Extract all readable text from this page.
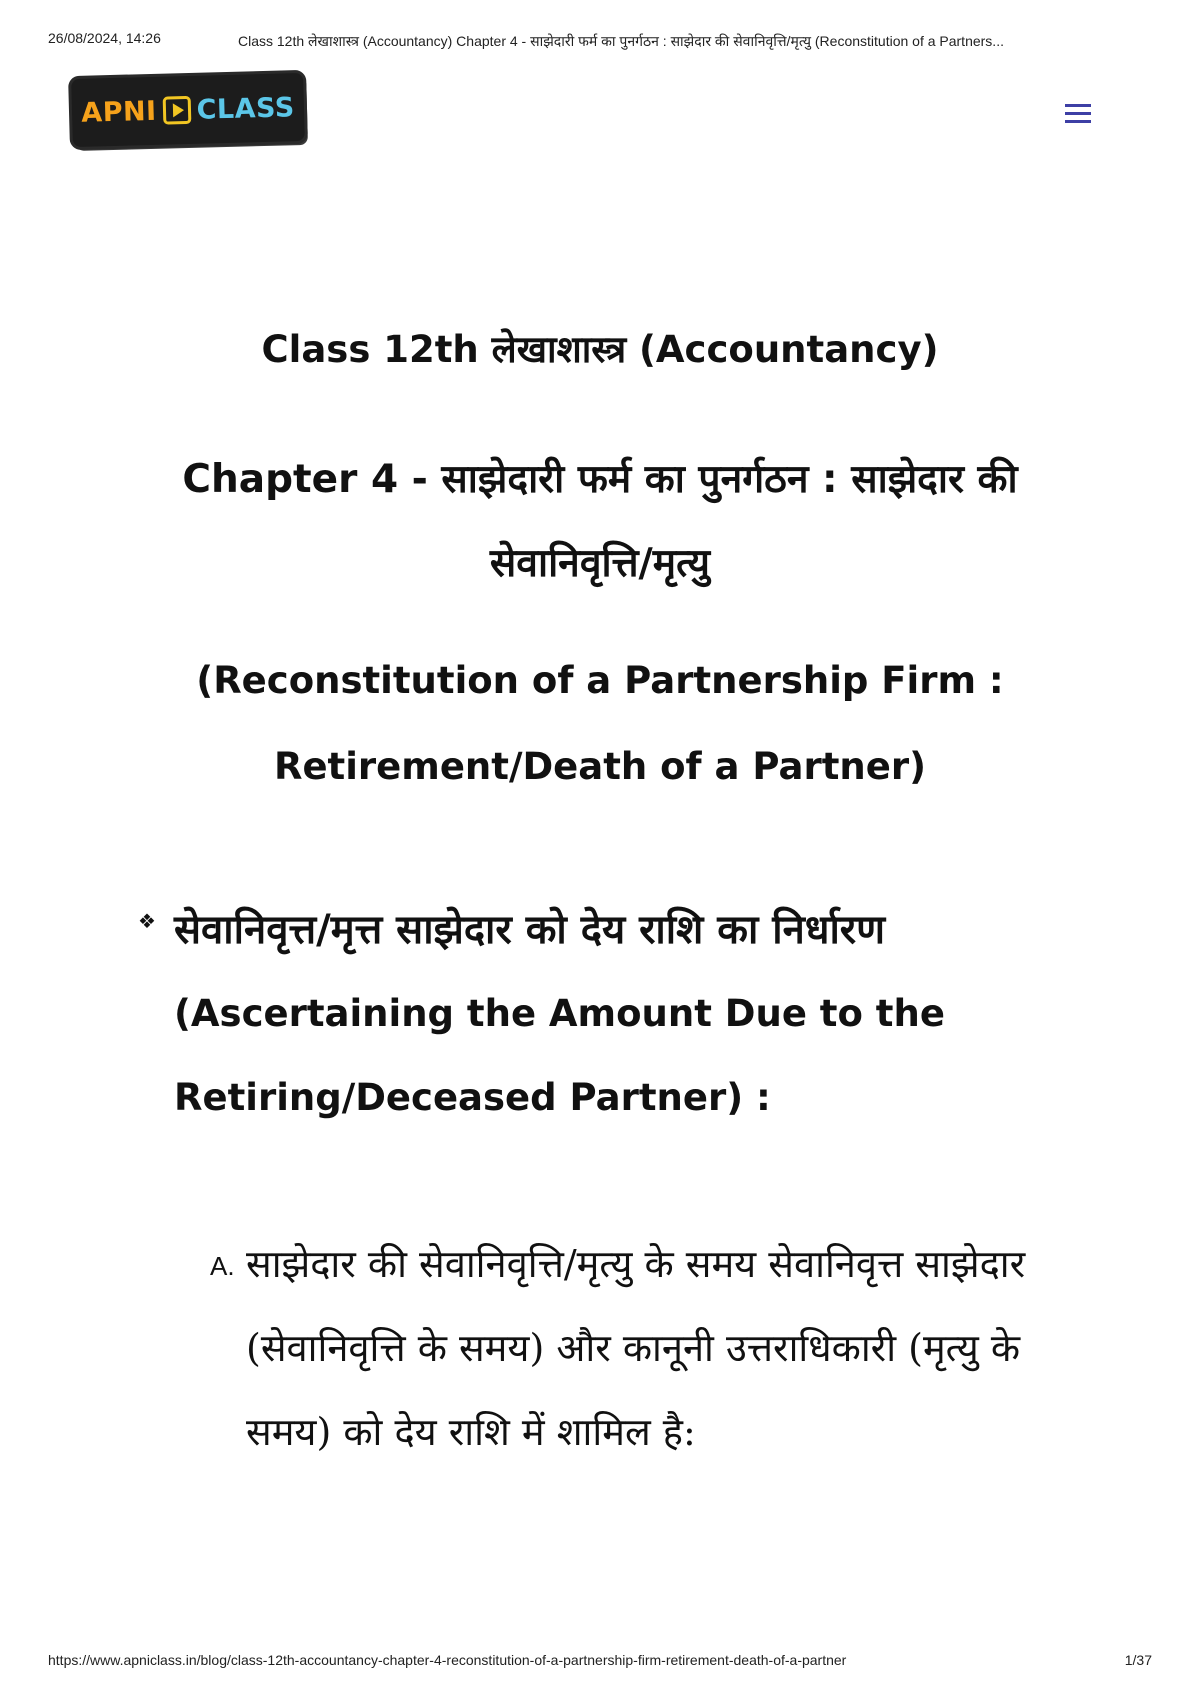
26/08/2024, 14:26	Class 12th लेखाशास्त्र (Accountancy) Chapter 4 - साझेदारी फर्म का पुनर्गठन : साझेदार की सेवानिवृत्ति/मृत्यु (Reconstitution of a Partners...
APNI CLASS
Class 12th लेखाशास्त्र (Accountancy)
Chapter 4 - साझेदारी फर्म का पुनर्गठन : साझेदार की
सेवानिवृत्ति/मृत्यु
(Reconstitution of a Partnership Firm :
Retirement/Death of a Partner)
❖ सेवानिवृत्त/मृत्त साझेदार को देय राशि का निर्धारण
(Ascertaining the Amount Due to the
Retiring/Deceased Partner) :
A. साझेदार की सेवानिवृत्ति/मृत्यु के समय सेवानिवृत्त साझेदार (सेवानिवृत्ति के समय) और कानूनी उत्तराधिकारी (मृत्यु के समय) को देय राशि में शामिल है:
https://www.apniclass.in/blog/class-12th-accountancy-chapter-4-reconstitution-of-a-partnership-firm-retirement-death-of-a-partner	1/37
